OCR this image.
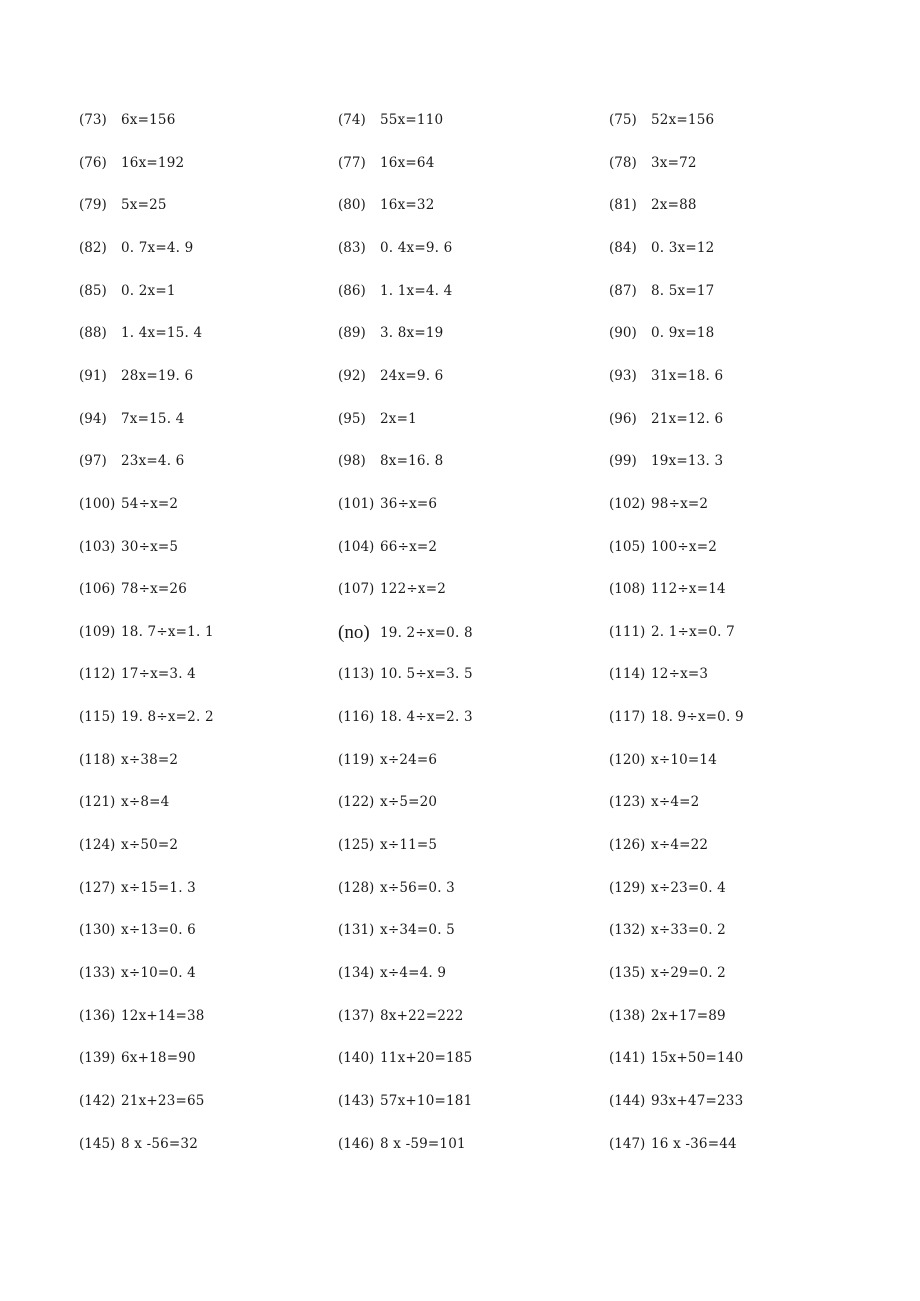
(73) 6x=156	(74) 55x=110	(75) 52x=156
(76) 16x=192	(77) 16x=64	(78) 3x=72
(79) 5x=25	(80) 16x=32	(81) 2x=88
(82) 0. 7x=4. 9	(83) 0. 4x=9. 6	(84) 0. 3x=12
(85) 0. 2x=1	(86) 1. 1x=4. 4	(87) 8. 5x=17
(88) 1. 4x=15. 4	(89) 3. 8x=19	(90) 0. 9x=18
(91) 28x=19. 6	(92) 24x=9. 6	(93) 31x=18. 6
(94) 7x=15. 4	(95) 2x=1	(96) 21x=12. 6
(97) 23x=4. 6	(98) 8x=16. 8	(99) 19x=13. 3
(100) 54÷x=2	(101) 36÷x=6	(102) 98÷x=2
(103) 30÷x=5	(104) 66÷x=2	(105) 100÷x=2
(106) 78÷x=26	(107) 122÷x=2	(108) 112÷x=14
(109) 18. 7÷x=1. 1	(no) 19. 2÷x=0. 8	(111) 2. 1÷x=0. 7
(112) 17÷x=3. 4	(113) 10. 5÷x=3. 5	(114) 12÷x=3
(115) 19. 8÷x=2. 2	(116) 18. 4÷x=2. 3	(117) 18. 9÷x=0. 9
(118) x÷38=2	(119) x÷24=6	(120) x÷10=14
(121) x÷8=4	(122) x÷5=20	(123) x÷4=2
(124) x÷50=2	(125) x÷11=5	(126) x÷4=22
(127) x÷15=1. 3	(128) x÷56=0. 3	(129) x÷23=0. 4
(130) x÷13=0. 6	(131) x÷34=0. 5	(132) x÷33=0. 2
(133) x÷10=0. 4	(134) x÷4=4. 9	(135) x÷29=0. 2
(136) 12x+14=38	(137) 8x+22=222	(138) 2x+17=89
(139) 6x+18=90	(140) 11x+20=185	(141) 15x+50=140
(142) 21x+23=65	(143) 57x+10=181	(144) 93x+47=233
(145) 8 x -56=32	(146) 8 x -59=101	(147) 16 x -36=44
